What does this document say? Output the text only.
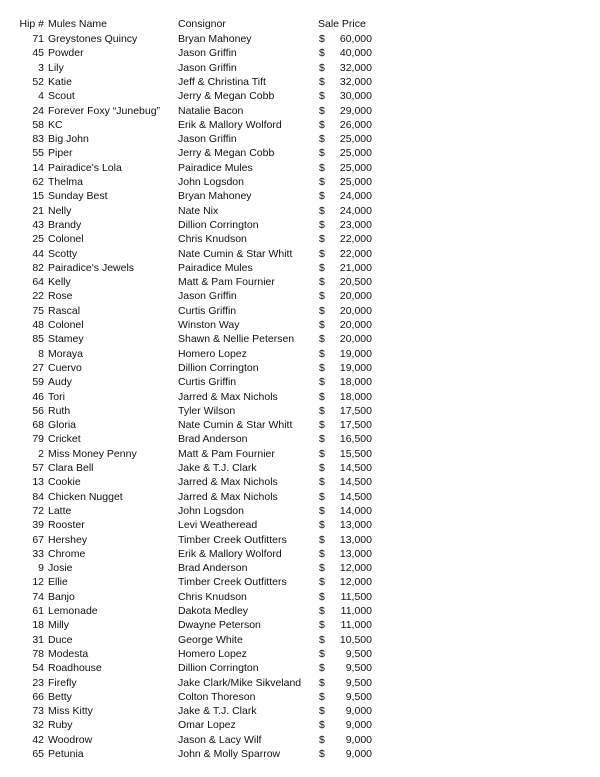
Hip # Mules Name	Consignor	Sale Price
71 Greystones Quincy	Bryan Mahoney	$	60,000
45 Powder	Jason Griffin	$	40,000
3 Lily	Jason Griffin	$	32,000
52 Katie	Jeff & Christina Tift	$	32,000
4 Scout	Jerry & Megan Cobb	$	30,000
24 Forever Foxy “Junebug”	Natalie Bacon	$	29,000
58 KC	Erik & Mallory Wolford	$	26,000
83 Big John	Jason Griffin	$	25,000
55 Piper	Jerry & Megan Cobb	$	25,000
14 Pairadice's Lola	Pairadice Mules	$	25,000
62 Thelma	John Logsdon	$	25,000
15 Sunday Best	Bryan Mahoney	$	24,000
21 Nelly	Nate Nix	$	24,000
43 Brandy	Dillion Corrington	$	23,000
25 Colonel	Chris Knudson	$	22,000
44 Scotty	Nate Cumin & Star Whitt	$	22,000
82 Pairadice's Jewels	Pairadice Mules	$	21,000
64 Kelly	Matt & Pam Fournier	$	20,500
22 Rose	Jason Griffin	$	20,000
75 Rascal	Curtis Griffin	$	20,000
48 Colonel	Winston Way	$	20,000
85 Stamey	Shawn & Nellie Petersen	$	20,000
8 Moraya	Homero Lopez	$	19,000
27 Cuervo	Dillion Corrington	$	19,000
59 Audy	Curtis Griffin	$	18,000
46 Tori	Jarred & Max Nichols	$	18,000
56 Ruth	Tyler Wilson	$	17,500
68 Gloria	Nate Cumin & Star Whitt	$	17,500
79 Cricket	Brad Anderson	$	16,500
2 Miss Money Penny	Matt & Pam Fournier	$	15,500
57 Clara Bell	Jake & T.J. Clark	$	14,500
13 Cookie	Jarred & Max Nichols	$	14,500
84 Chicken Nugget	Jarred & Max Nichols	$	14,500
72 Latte	John Logsdon	$	14,000
39 Rooster	Levi Weatheread	$	13,000
67 Hershey	Timber Creek Outfitters	$	13,000
33 Chrome	Erik & Mallory Wolford	$	13,000
9 Josie	Brad Anderson	$	12,000
12 Ellie	Timber Creek Outfitters	$	12,000
74 Banjo	Chris Knudson	$	11,500
61 Lemonade	Dakota Medley	$	11,000
18 Milly	Dwayne Peterson	$	11,000
31 Duce	George White	$	10,500
78 Modesta	Homero Lopez	$	9,500
54 Roadhouse	Dillion Corrington	$	9,500
23 Firefly	Jake Clark/Mike Sikveland	$	9,500
66 Betty	Colton Thoreson	$	9,500
73 Miss Kitty	Jake & T.J. Clark	$	9,000
32 Ruby	Omar Lopez	$	9,000
42 Woodrow	Jason & Lacy Wilf	$	9,000
65 Petunia	John & Molly Sparrow	$	9,000
